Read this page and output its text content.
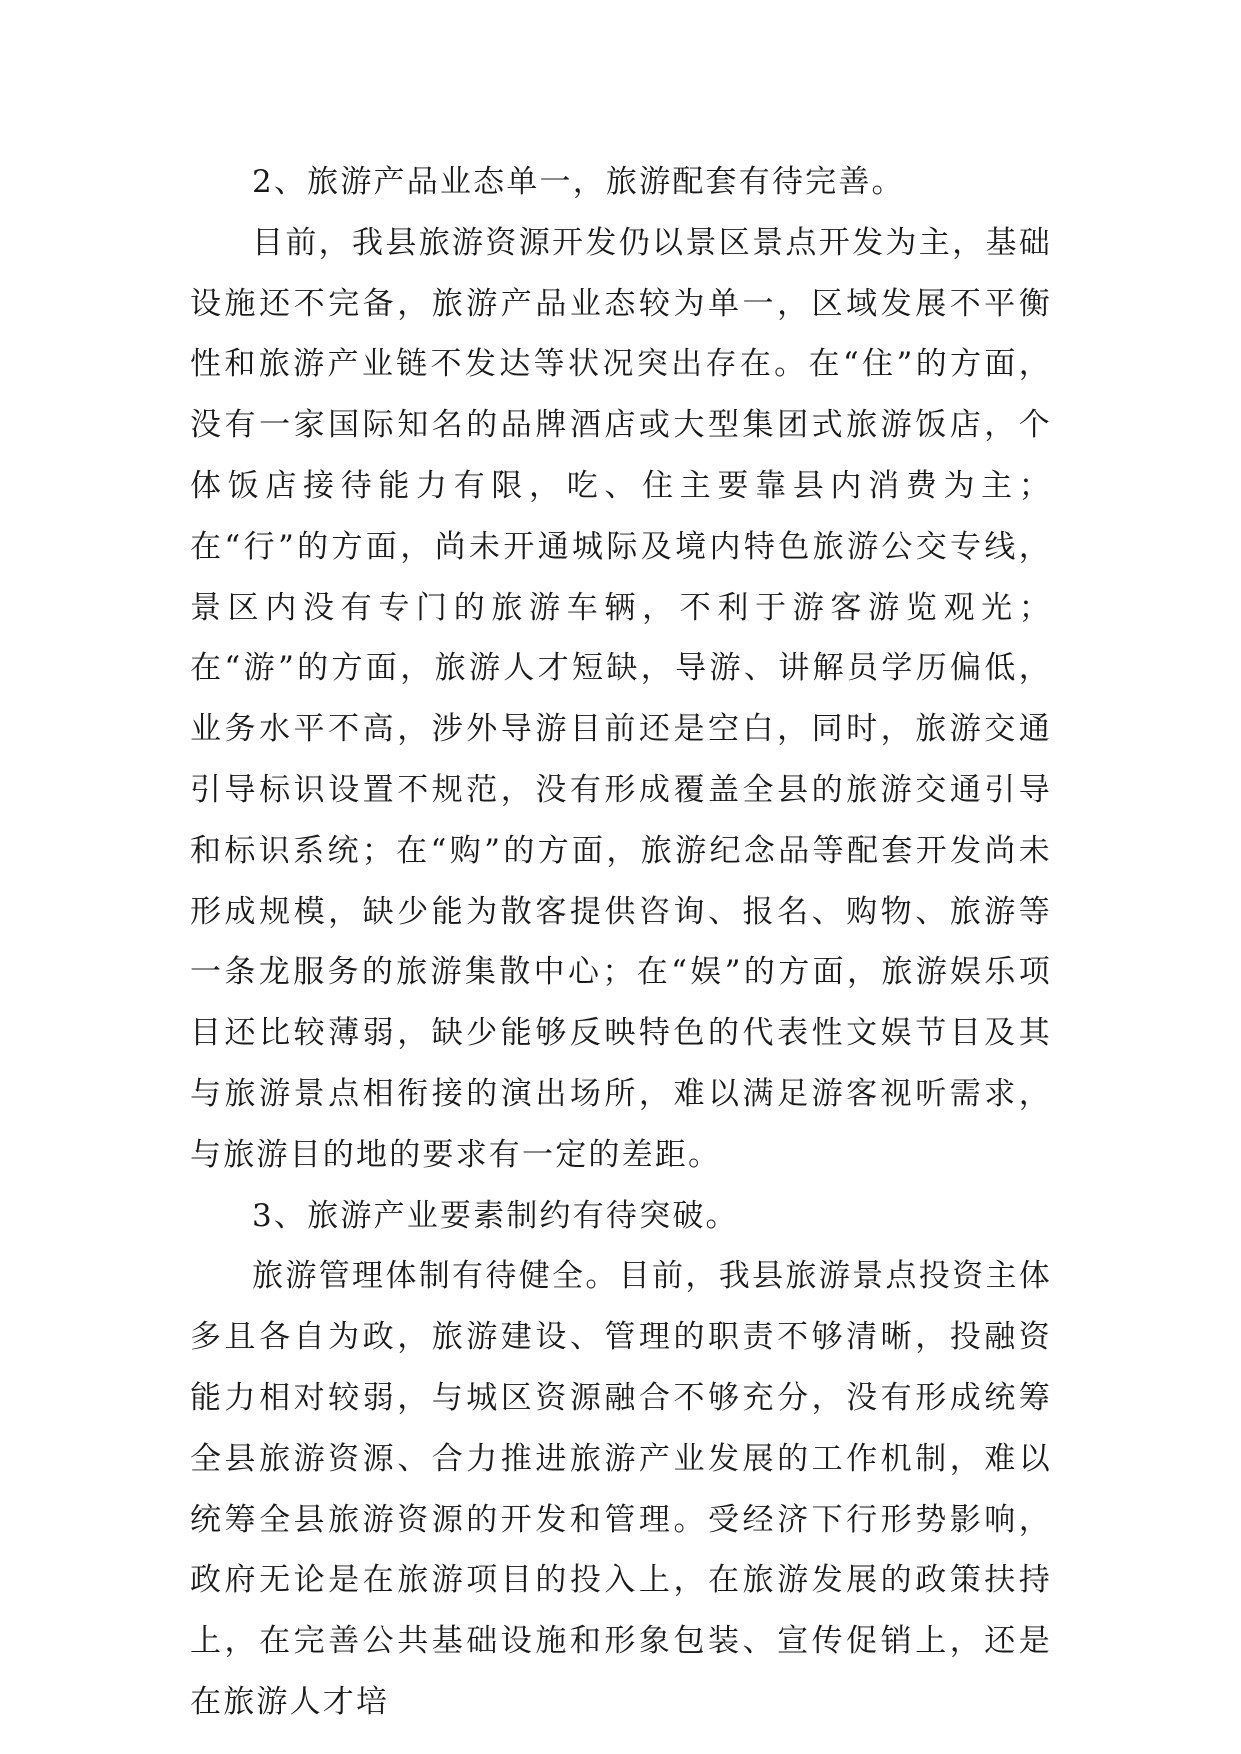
2、旅游产品业态单一，旅游配套有待完善。

目前，我县旅游资源开发仍以景区景点开发为主，基础设施还不完备，旅游产品业态较为单一，区域发展不平衡性和旅游产业链不发达等状况突出存在。在“住”的方面，没有一家国际知名的品牌酒店或大型集团式旅游饭店，个体饭店接待能力有限，吃、住主要靠县内消费为主；在“行”的方面，尚未开通城际及境内特色旅游公交专线，景区内没有专门的旅游车辆，不利于游客游览观光；在“游”的方面，旅游人才短缺，导游、讲解员学历偏低，业务水平不高，涉外导游目前还是空白，同时，旅游交通引导标识设置不规范，没有形成覆盖全县的旅游交通引导和标识系统；在“购”的方面，旅游纪念品等配套开发尚未形成规模，缺少能为散客提供咨询、报名、购物、旅游等一条龙服务的旅游集散中心；在“娱”的方面，旅游娱乐项目还比较薄弱，缺少能够反映特色的代表性文娱节目及其与旅游景点相衔接的演出场所，难以满足游客视听需求，与旅游目的地的要求有一定的差距。

3、旅游产业要素制约有待突破。

旅游管理体制有待健全。目前，我县旅游景点投资主体多且各自为政，旅游建设、管理的职责不够清晰，投融资能力相对较弱，与城区资源融合不够充分，没有形成统筹全县旅游资源、合力推进旅游产业发展的工作机制，难以统筹全县旅游资源的开发和管理。受经济下行形势影响，政府无论是在旅游项目的投入上，在旅游发展的政策扶持上，在完善公共基础设施和形象包装、宣传促销上，还是在旅游人才培
